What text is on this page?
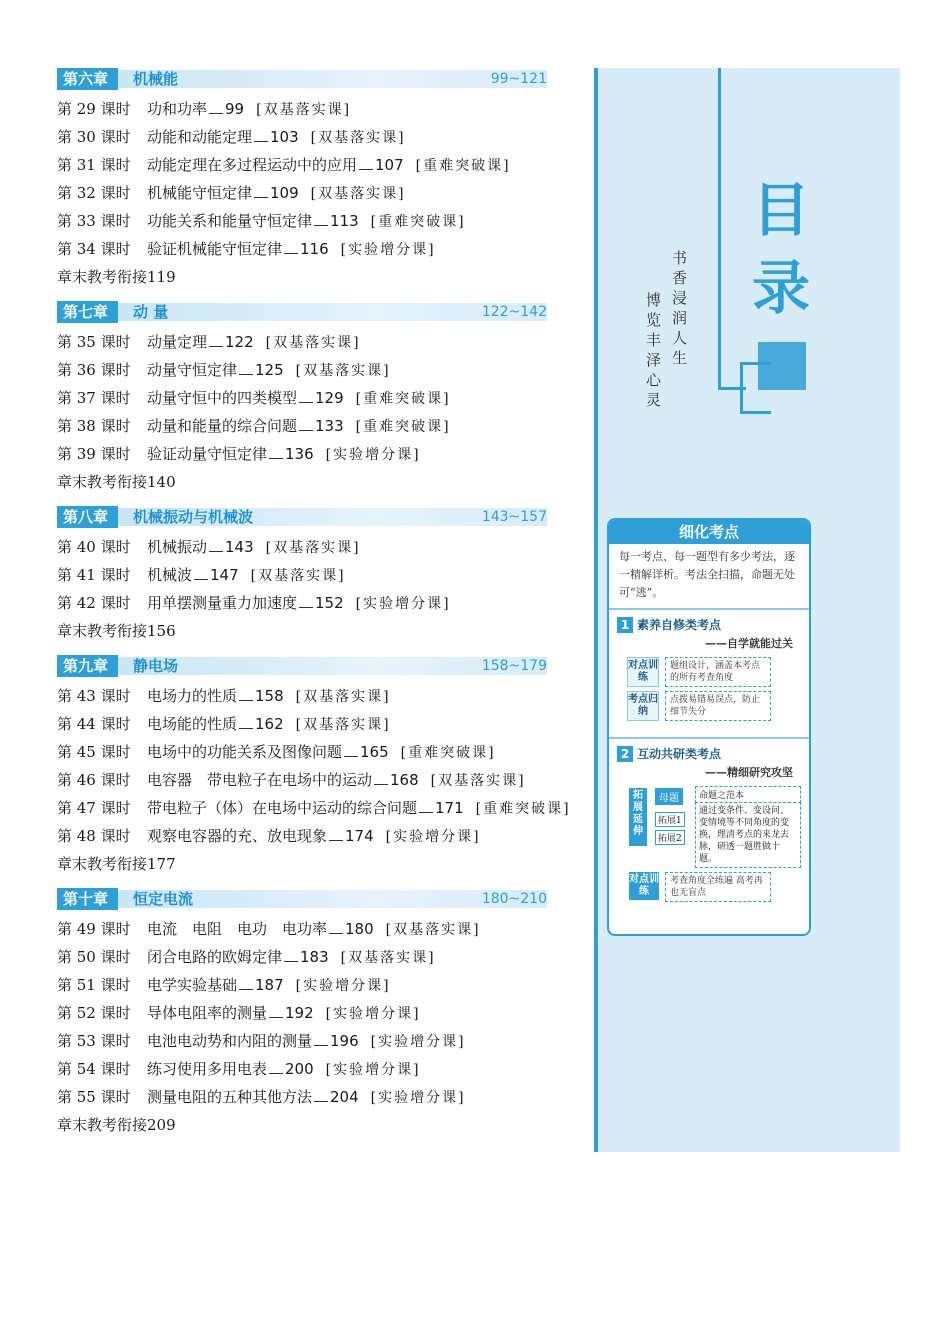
第六章	机械能	99~121
第 29 课时 功和功率 99 [双基落实课]
第 30 课时 动能和动能定理 103 [双基落实课]
第 31 课时 动能定理在多过程运动中的应用 107 [重难突破课]
第 32 课时 机械能守恒定律 109 [双基落实课]
第 33 课时 功能关系和能量守恒定律 113 [重难突破课]
第 34 课时 验证机械能守恒定律 116 [实验增分课]
章末教考衔接119
第七章	动 量	122~142
第 35 课时 动量定理 122 [双基落实课]
第 36 课时 动量守恒定律 125 [双基落实课]
第 37 课时 动量守恒中的四类模型 129 [重难突破课]
第 38 课时 动量和能量的综合问题 133 [重难突破课]
第 39 课时 验证动量守恒定律 136 [实验增分课]
章末教考衔接140
第八章	机械振动与机械波	143~157
第 40 课时 机械振动 143 [双基落实课]
第 41 课时 机械波 147 [双基落实课]
第 42 课时 用单摆测量重力加速度 152 [实验增分课]
章末教考衔接156
第九章	静电场	158~179
第 43 课时 电场力的性质 158 [双基落实课]
第 44 课时 电场能的性质 162 [双基落实课]
第 45 课时 电场中的功能关系及图像问题 165 [重难突破课]
第 46 课时 电容器　带电粒子在电场中的运动 168 [双基落实课]
第 47 课时 带电粒子（体）在电场中运动的综合问题 171 [重难突破课]
第 48 课时 观察电容器的充、放电现象 174 [实验增分课]
章末教考衔接177
第十章	恒定电流	180~210
第 49 课时 电流　电阻　电功　电功率 180 [双基落实课]
第 50 课时 闭合电路的欧姆定律 183 [双基落实课]
第 51 课时 电学实验基础 187 [实验增分课]
第 52 课时 导体电阻率的测量 192 [实验增分课]
第 53 课时 电池电动势和内阻的测量 196 [实验增分课]
第 54 课时 练习使用多用电表 200 [实验增分课]
第 55 课时 测量电阻的五种其他方法 204 [实验增分课]
章末教考衔接209
目
录
书香浸润人生
博览丰泽心灵
细化考点
每一考点、每一题型有多少考法，逐一精解详析。考法全扫描，命题无处可“逃”。
1 素养自修类考点
——自学就能过关
对点训练
题组设计，涵盖本考点的所有考查角度
考点归纳
点拨易错易误点，防止细节失分
2 互动共研类考点
——精细研究攻坚
拓展延伸
母题	命题之范本
拓展1
拓展2
通过变条件、变设问、变情境等不同角度的变换，理清考点的来龙去脉，研透一题胜做十题。
对点训练
考查角度全练遍 高考再也无盲点
